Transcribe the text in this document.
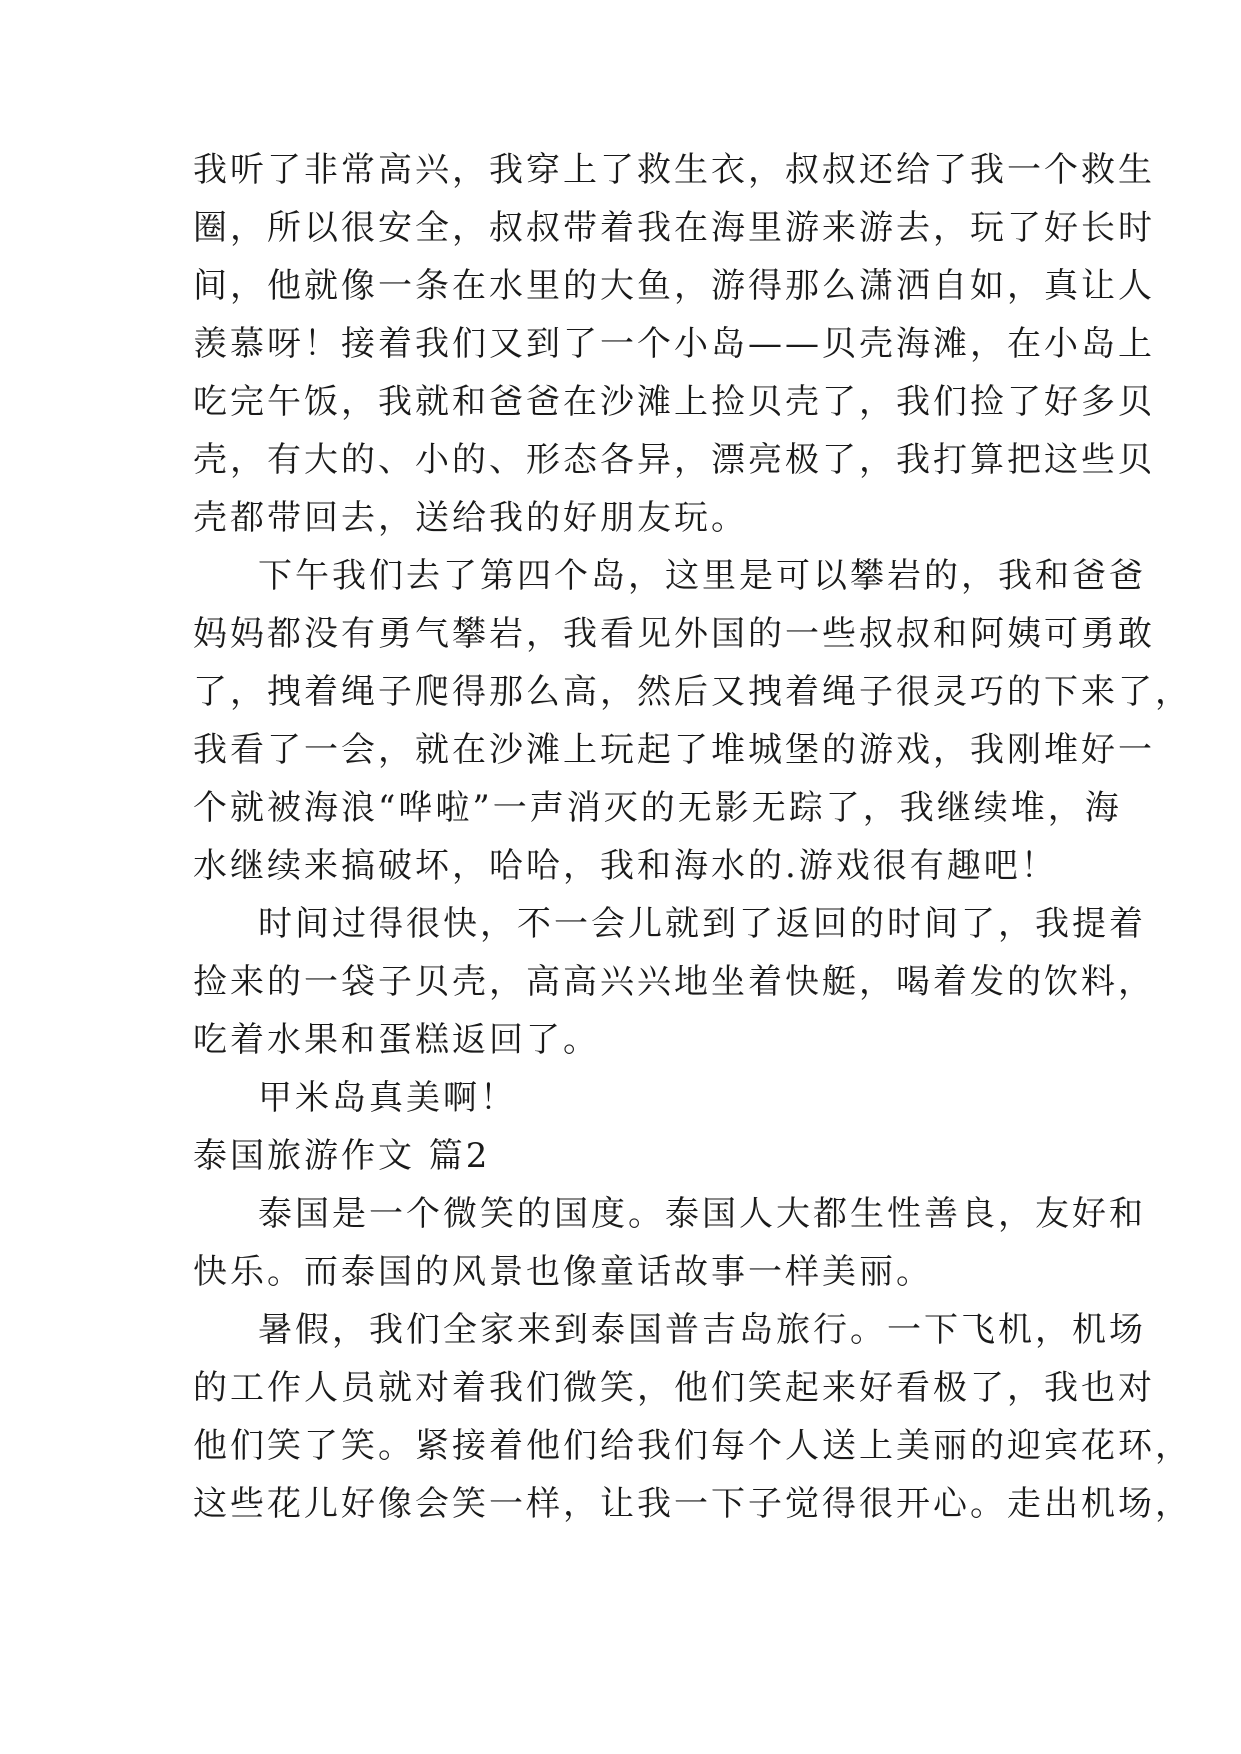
我听了非常高兴，我穿上了救生衣，叔叔还给了我一个救生
圈，所以很安全，叔叔带着我在海里游来游去，玩了好长时
间，他就像一条在水里的大鱼，游得那么潇洒自如，真让人
羡慕呀！接着我们又到了一个小岛——贝壳海滩，在小岛上
吃完午饭，我就和爸爸在沙滩上捡贝壳了，我们捡了好多贝
壳，有大的、小的、形态各异，漂亮极了，我打算把这些贝
壳都带回去，送给我的好朋友玩。
下午我们去了第四个岛，这里是可以攀岩的，我和爸爸
妈妈都没有勇气攀岩，我看见外国的一些叔叔和阿姨可勇敢
了，拽着绳子爬得那么高，然后又拽着绳子很灵巧的下来了，
我看了一会，就在沙滩上玩起了堆城堡的游戏，我刚堆好一
个就被海浪“哗啦”一声消灭的无影无踪了，我继续堆，海
水继续来搞破坏，哈哈，我和海水的.游戏很有趣吧！
时间过得很快，不一会儿就到了返回的时间了，我提着
捡来的一袋子贝壳，高高兴兴地坐着快艇，喝着发的饮料，
吃着水果和蛋糕返回了。
甲米岛真美啊！
泰国旅游作文 篇2
泰国是一个微笑的国度。泰国人大都生性善良，友好和
快乐。而泰国的风景也像童话故事一样美丽。
暑假，我们全家来到泰国普吉岛旅行。一下飞机，机场
的工作人员就对着我们微笑，他们笑起来好看极了，我也对
他们笑了笑。紧接着他们给我们每个人送上美丽的迎宾花环，
这些花儿好像会笑一样，让我一下子觉得很开心。走出机场，
